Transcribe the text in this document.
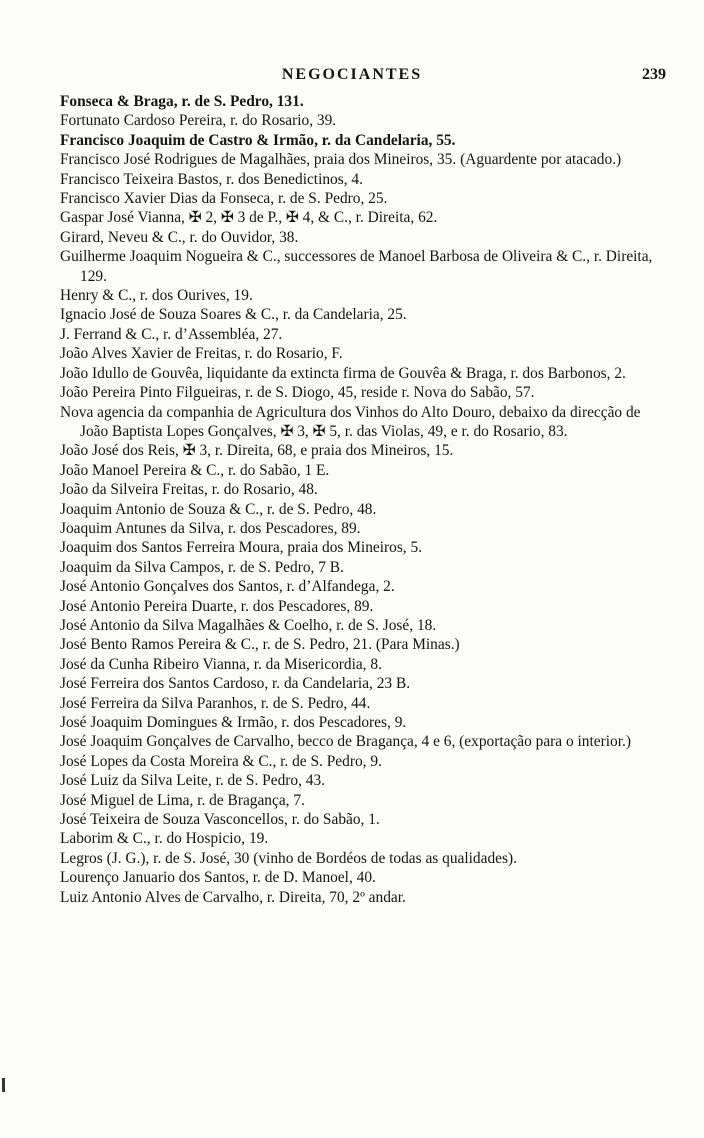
NEGOCIANTES	239
Fonseca & Braga, r. de S. Pedro, 131.
Fortunato Cardoso Pereira, r. do Rosario, 39.
Francisco Joaquim de Castro & Irmão, r. da Candelaria, 55.
Francisco José Rodrigues de Magalhães, praia dos Mineiros, 35. (Aguardente por atacado.)
Francisco Teixeira Bastos, r. dos Benedictinos, 4.
Francisco Xavier Dias da Fonseca, r. de S. Pedro, 25.
Gaspar José Vianna, ✠ 2, ✠ 3 de P., ✠ 4, & C., r. Direita, 62.
Girard, Neveu & C., r. do Ouvidor, 38.
Guilherme Joaquim Nogueira & C., successores de Manoel Barbosa de Oliveira & C., r. Direita, 129.
Henry & C., r. dos Ourives, 19.
Ignacio José de Souza Soares & C., r. da Candelaria, 25.
J. Ferrand & C., r. d’Assembléa, 27.
João Alves Xavier de Freitas, r. do Rosario, F.
João Idullo de Gouvêa, liquidante da extincta firma de Gouvêa & Braga, r. dos Barbonos, 2.
João Pereira Pinto Filgueiras, r. de S. Diogo, 45, reside r. Nova do Sabão, 57.
Nova agencia da companhia de Agricultura dos Vinhos do Alto Douro, debaixo da direcção de João Baptista Lopes Gonçalves, ✠ 3, ✠ 5, r. das Violas, 49, e r. do Rosario, 83.
João José dos Reis, ✠ 3, r. Direita, 68, e praia dos Mineiros, 15.
João Manoel Pereira & C., r. do Sabão, 1 E.
João da Silveira Freitas, r. do Rosario, 48.
Joaquim Antonio de Souza & C., r. de S. Pedro, 48.
Joaquim Antunes da Silva, r. dos Pescadores, 89.
Joaquim dos Santos Ferreira Moura, praia dos Mineiros, 5.
Joaquim da Silva Campos, r. de S. Pedro, 7 B.
José Antonio Gonçalves dos Santos, r. d’Alfandega, 2.
José Antonio Pereira Duarte, r. dos Pescadores, 89.
José Antonio da Silva Magalhães & Coelho, r. de S. José, 18.
José Bento Ramos Pereira & C., r. de S. Pedro, 21. (Para Minas.)
José da Cunha Ribeiro Vianna, r. da Misericordia, 8.
José Ferreira dos Santos Cardoso, r. da Candelaria, 23 B.
José Ferreira da Silva Paranhos, r. de S. Pedro, 44.
José Joaquim Domingues & Irmão, r. dos Pescadores, 9.
José Joaquim Gonçalves de Carvalho, becco de Bragança, 4 e 6, (exportação para o interior.)
José Lopes da Costa Moreira & C., r. de S. Pedro, 9.
José Luiz da Silva Leite, r. de S. Pedro, 43.
José Miguel de Lima, r. de Bragança, 7.
José Teixeira de Souza Vasconcellos, r. do Sabão, 1.
Laborim & C., r. do Hospicio, 19.
Legros (J. G.), r. de S. José, 30 (vinho de Bordéos de todas as qualidades).
Lourenço Januario dos Santos, r. de D. Manoel, 40.
Luiz Antonio Alves de Carvalho, r. Direita, 70, 2º andar.
